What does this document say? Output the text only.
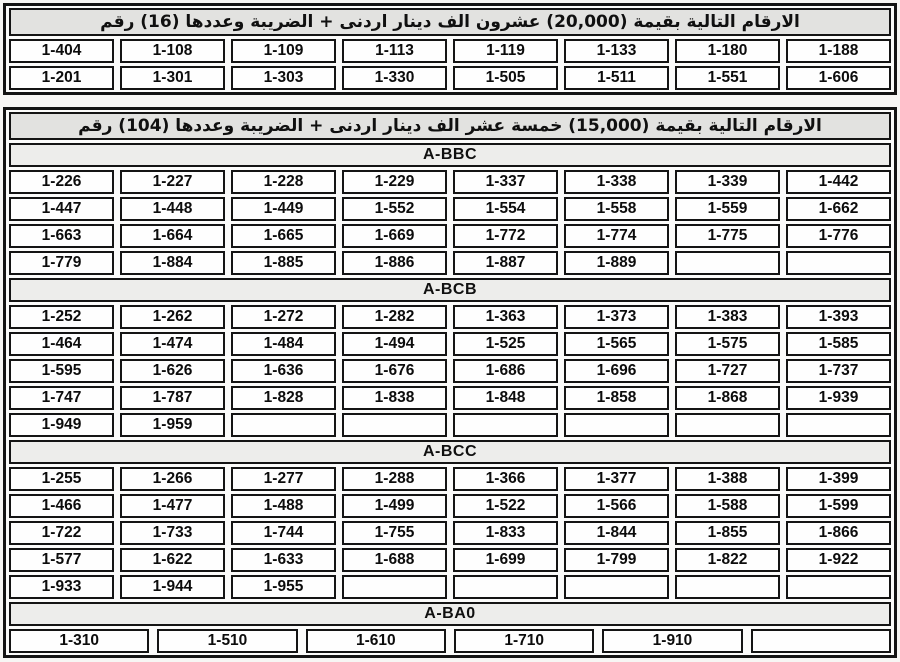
الارقام التالية بقيمة (20,000) عشرون الف دينار اردنى + الضريبة وعددها (16) رقم
1-404	1-108	1-109	1-113	1-119	1-133	1-180	1-188
1-201	1-301	1-303	1-330	1-505	1-511	1-551	1-606
الارقام التالية بقيمة (15,000) خمسة عشر الف دينار اردنى + الضريبة وعددها (104) رقم
A-BBC
1-226	1-227	1-228	1-229	1-337	1-338	1-339	1-442
1-447	1-448	1-449	1-552	1-554	1-558	1-559	1-662
1-663	1-664	1-665	1-669	1-772	1-774	1-775	1-776
1-779	1-884	1-885	1-886	1-887	1-889
A-BCB
1-252	1-262	1-272	1-282	1-363	1-373	1-383	1-393
1-464	1-474	1-484	1-494	1-525	1-565	1-575	1-585
1-595	1-626	1-636	1-676	1-686	1-696	1-727	1-737
1-747	1-787	1-828	1-838	1-848	1-858	1-868	1-939
1-949	1-959
A-BCC
1-255	1-266	1-277	1-288	1-366	1-377	1-388	1-399
1-466	1-477	1-488	1-499	1-522	1-566	1-588	1-599
1-722	1-733	1-744	1-755	1-833	1-844	1-855	1-866
1-577	1-622	1-633	1-688	1-699	1-799	1-822	1-922
1-933	1-944	1-955
A-BA0
1-310	1-510	1-610	1-710	1-910
